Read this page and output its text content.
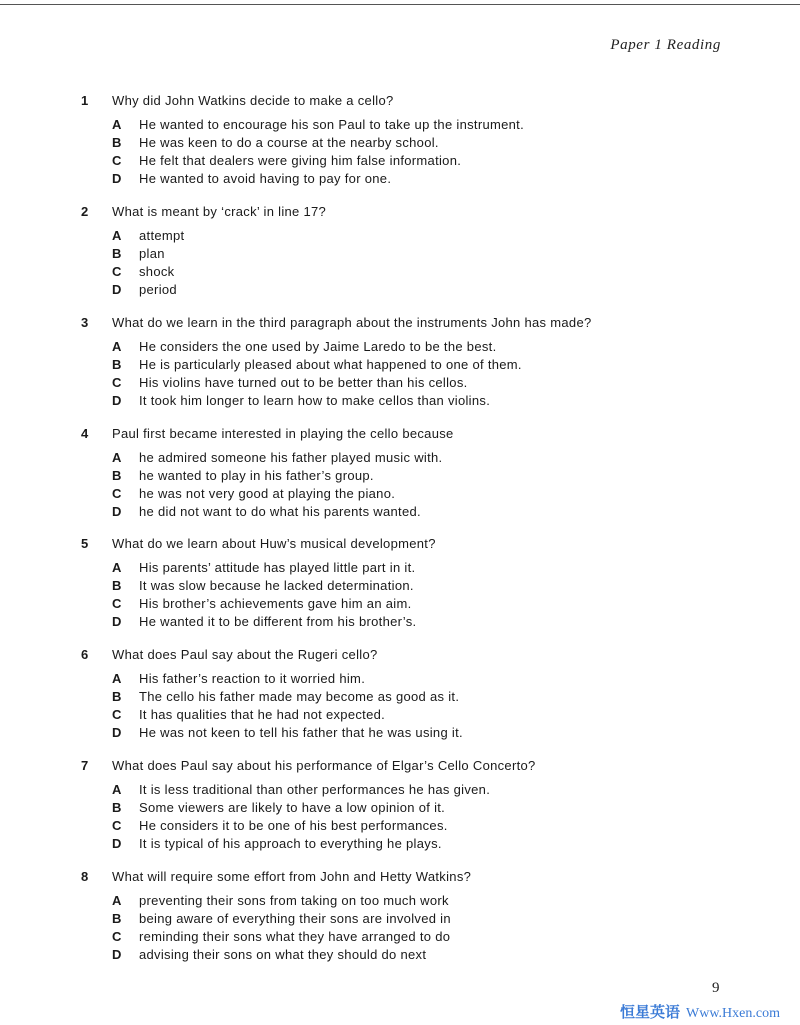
Paper 1 Reading
1 Why did John Watkins decide to make a cello?
A He wanted to encourage his son Paul to take up the instrument.
B He was keen to do a course at the nearby school.
C He felt that dealers were giving him false information.
D He wanted to avoid having to pay for one.
2 What is meant by ‘crack’ in line 17?
A attempt
B plan
C shock
D period
3 What do we learn in the third paragraph about the instruments John has made?
A He considers the one used by Jaime Laredo to be the best.
B He is particularly pleased about what happened to one of them.
C His violins have turned out to be better than his cellos.
D It took him longer to learn how to make cellos than violins.
4 Paul first became interested in playing the cello because
A he admired someone his father played music with.
B he wanted to play in his father’s group.
C he was not very good at playing the piano.
D he did not want to do what his parents wanted.
5 What do we learn about Huw’s musical development?
A His parents’ attitude has played little part in it.
B It was slow because he lacked determination.
C His brother’s achievements gave him an aim.
D He wanted it to be different from his brother’s.
6 What does Paul say about the Rugeri cello?
A His father’s reaction to it worried him.
B The cello his father made may become as good as it.
C It has qualities that he had not expected.
D He was not keen to tell his father that he was using it.
7 What does Paul say about his performance of Elgar’s Cello Concerto?
A It is less traditional than other performances he has given.
B Some viewers are likely to have a low opinion of it.
C He considers it to be one of his best performances.
D It is typical of his approach to everything he plays.
8 What will require some effort from John and Hetty Watkins?
A preventing their sons from taking on too much work
B being aware of everything their sons are involved in
C reminding their sons what they have arranged to do
D advising their sons on what they should do next
9
恒星英语 Www.Hxen.com
